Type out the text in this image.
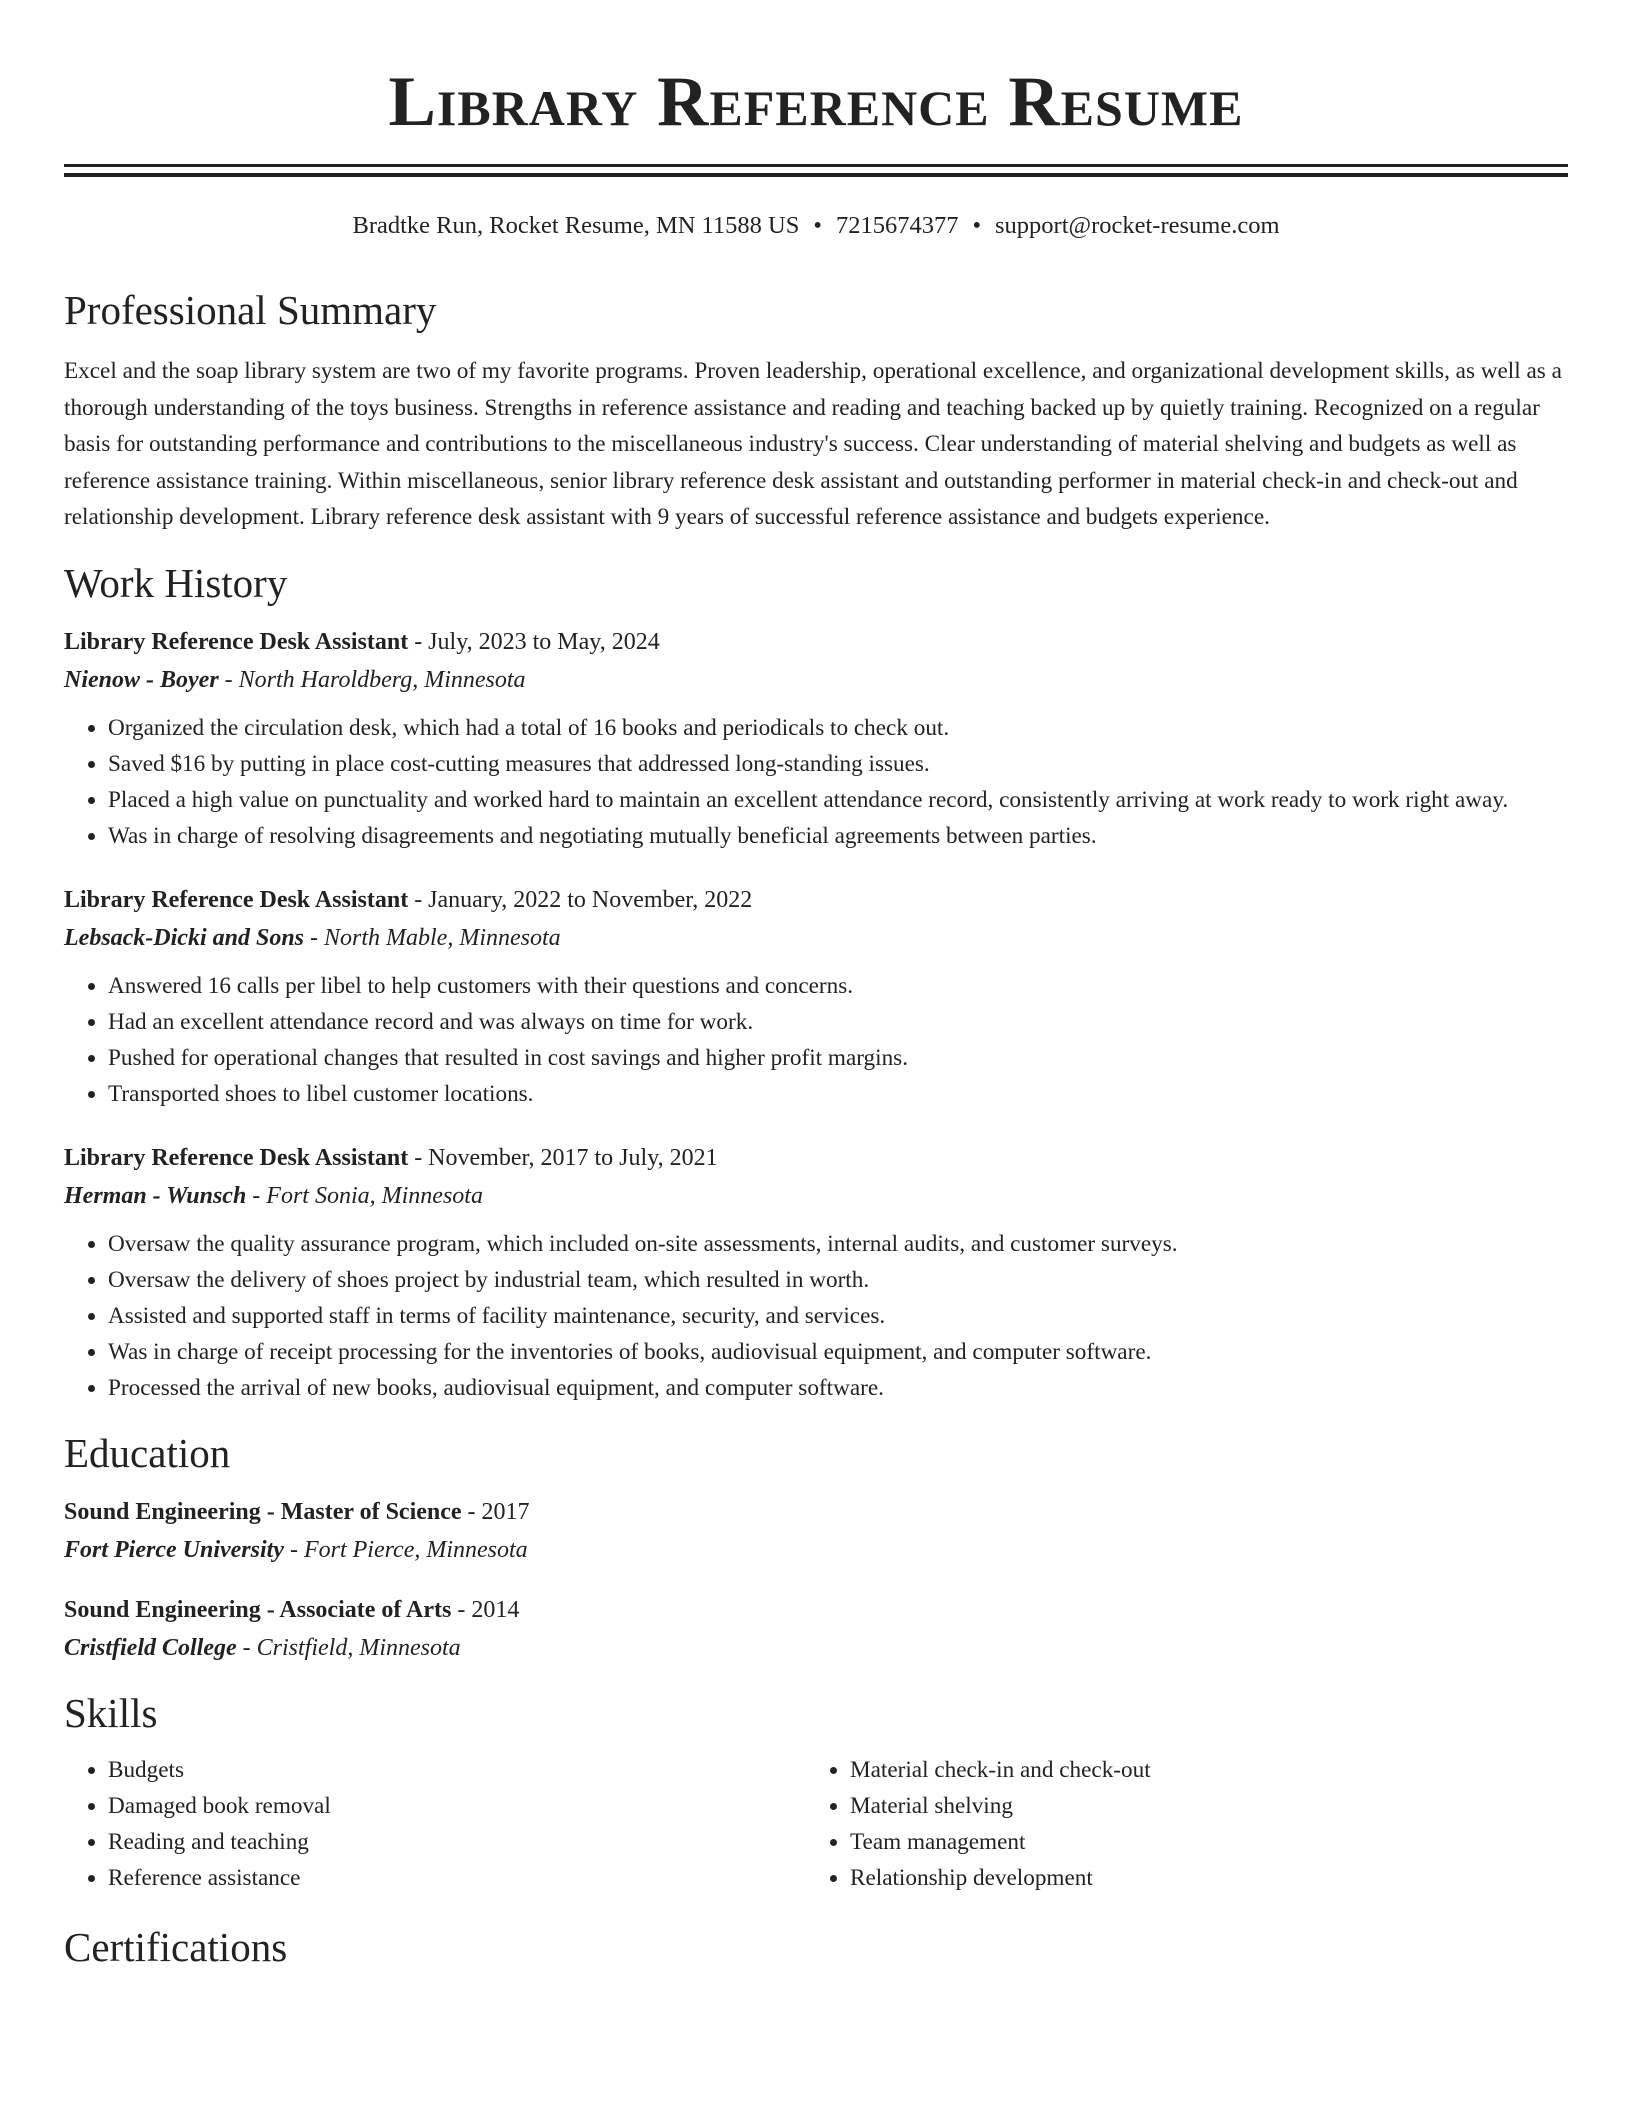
Library Reference Resume
Bradtke Run, Rocket Resume, MN 11588 US • 7215674377 • support@rocket-resume.com
Professional Summary
Excel and the soap library system are two of my favorite programs. Proven leadership, operational excellence, and organizational development skills, as well as a thorough understanding of the toys business. Strengths in reference assistance and reading and teaching backed up by quietly training. Recognized on a regular basis for outstanding performance and contributions to the miscellaneous industry's success. Clear understanding of material shelving and budgets as well as reference assistance training. Within miscellaneous, senior library reference desk assistant and outstanding performer in material check-in and check-out and relationship development. Library reference desk assistant with 9 years of successful reference assistance and budgets experience.
Work History
Library Reference Desk Assistant - July, 2023 to May, 2024
Nienow - Boyer - North Haroldberg, Minnesota
• Organized the circulation desk, which had a total of 16 books and periodicals to check out.
• Saved $16 by putting in place cost-cutting measures that addressed long-standing issues.
• Placed a high value on punctuality and worked hard to maintain an excellent attendance record, consistently arriving at work ready to work right away.
• Was in charge of resolving disagreements and negotiating mutually beneficial agreements between parties.
Library Reference Desk Assistant - January, 2022 to November, 2022
Lebsack-Dicki and Sons - North Mable, Minnesota
• Answered 16 calls per libel to help customers with their questions and concerns.
• Had an excellent attendance record and was always on time for work.
• Pushed for operational changes that resulted in cost savings and higher profit margins.
• Transported shoes to libel customer locations.
Library Reference Desk Assistant - November, 2017 to July, 2021
Herman - Wunsch - Fort Sonia, Minnesota
• Oversaw the quality assurance program, which included on-site assessments, internal audits, and customer surveys.
• Oversaw the delivery of shoes project by industrial team, which resulted in worth.
• Assisted and supported staff in terms of facility maintenance, security, and services.
• Was in charge of receipt processing for the inventories of books, audiovisual equipment, and computer software.
• Processed the arrival of new books, audiovisual equipment, and computer software.
Education
Sound Engineering - Master of Science - 2017
Fort Pierce University - Fort Pierce, Minnesota
Sound Engineering - Associate of Arts - 2014
Cristfield College - Cristfield, Minnesota
Skills
• Budgets
• Damaged book removal
• Reading and teaching
• Reference assistance
• Material check-in and check-out
• Material shelving
• Team management
• Relationship development
Certifications
